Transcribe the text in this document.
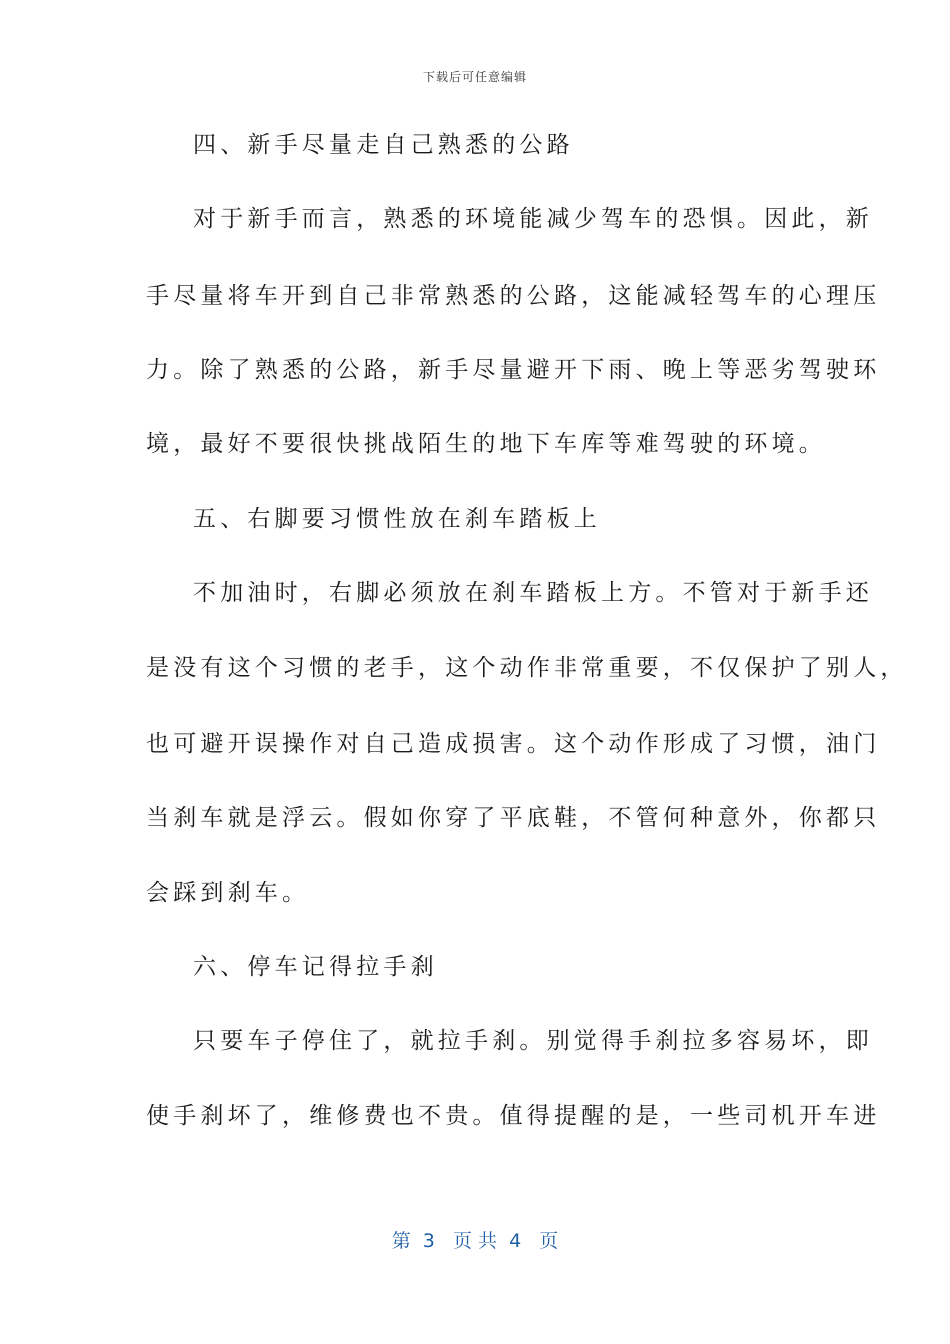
下载后可任意编辑
四、新手尽量走自己熟悉的公路
对于新手而言，熟悉的环境能减少驾车的恐惧。因此，新
手尽量将车开到自己非常熟悉的公路，这能减轻驾车的心理压
力。除了熟悉的公路，新手尽量避开下雨、晚上等恶劣驾驶环
境，最好不要很快挑战陌生的地下车库等难驾驶的环境。
五、右脚要习惯性放在刹车踏板上
不加油时，右脚必须放在刹车踏板上方。不管对于新手还
是没有这个习惯的老手，这个动作非常重要，不仅保护了别人，
也可避开误操作对自己造成损害。这个动作形成了习惯，油门
当刹车就是浮云。假如你穿了平底鞋，不管何种意外，你都只
会踩到刹车。
六、停车记得拉手刹
只要车子停住了，就拉手刹。别觉得手刹拉多容易坏，即
使手刹坏了，维修费也不贵。值得提醒的是，一些司机开车进
第  3   页 共  4   页
